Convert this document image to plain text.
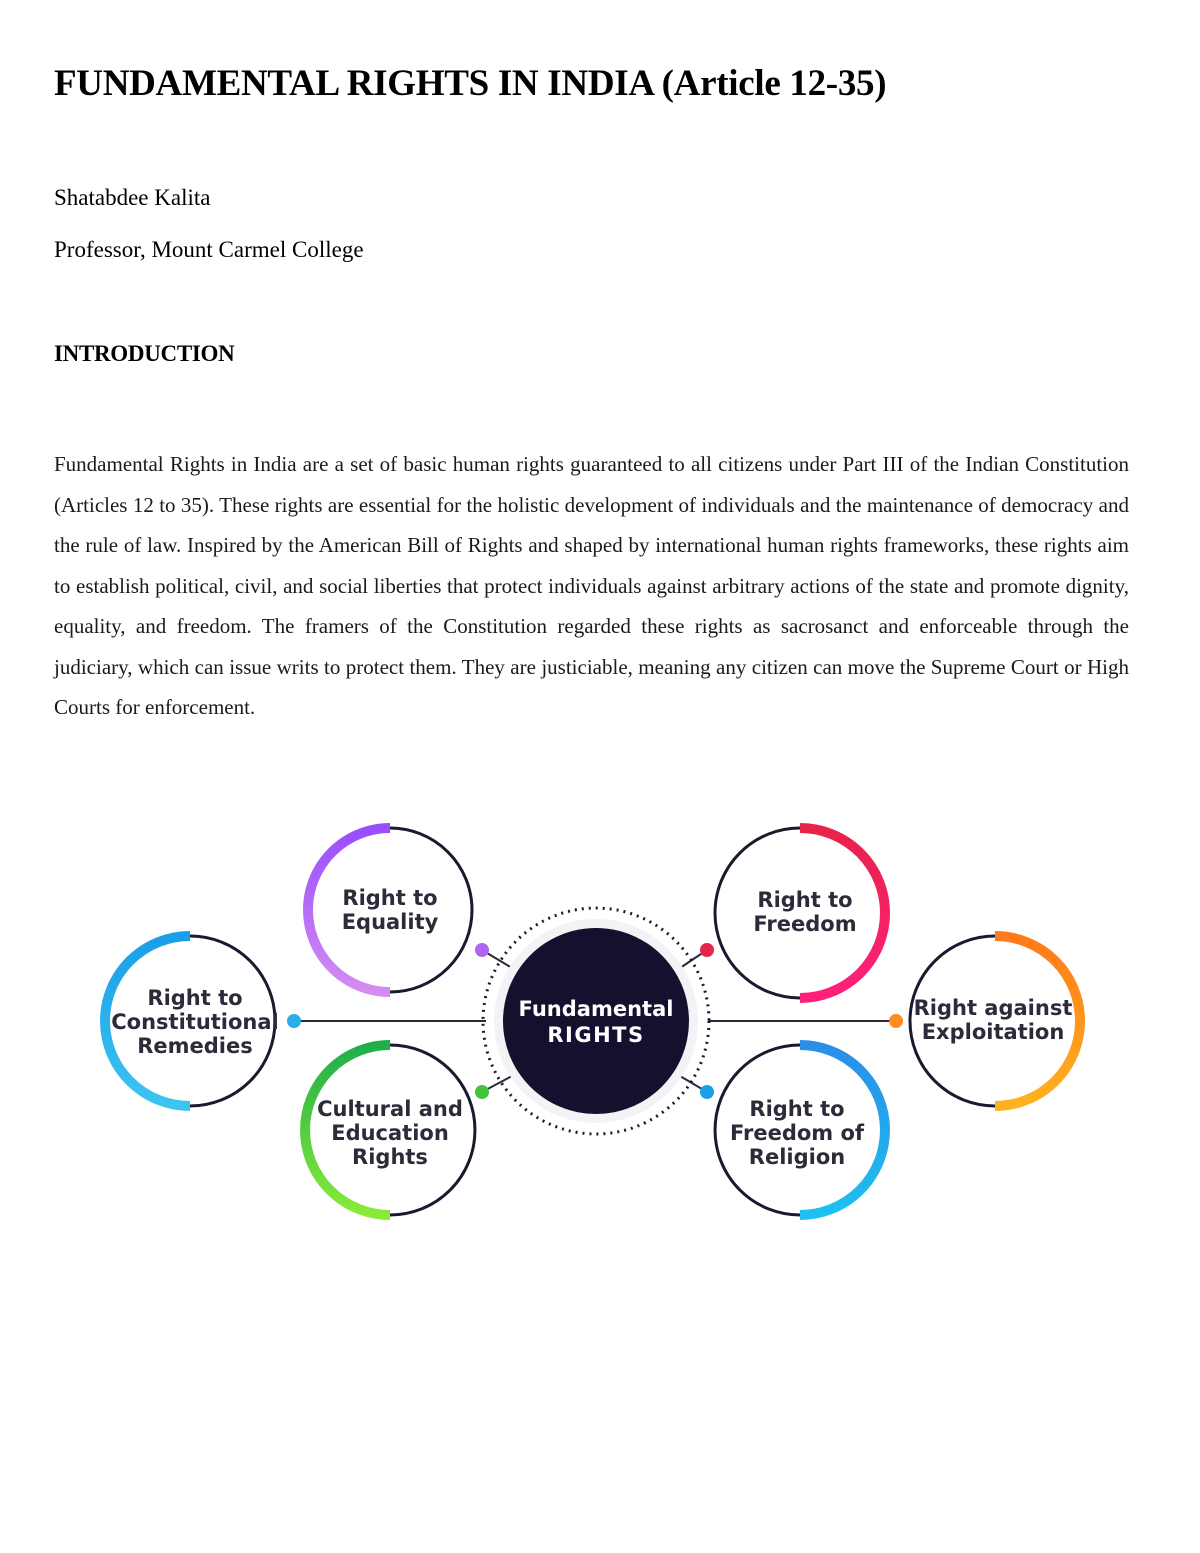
FUNDAMENTAL RIGHTS IN INDIA (Article 12-35)

Shatabdee Kalita

Professor, Mount Carmel College

INTRODUCTION

Fundamental Rights in India are a set of basic human rights guaranteed to all citizens under Part III of the Indian Constitution (Articles 12 to 35). These rights are essential for the holistic development of individuals and the maintenance of democracy and the rule of law. Inspired by the American Bill of Rights and shaped by international human rights frameworks, these rights aim to establish political, civil, and social liberties that protect individuals against arbitrary actions of the state and promote dignity, equality, and freedom. The framers of the Constitution regarded these rights as sacrosanct and enforceable through the judiciary, which can issue writs to protect them. They are justiciable, meaning any citizen can move the Supreme Court or High Courts for enforcement.

Fundamental
RIGHTS
Right to
Equality
Right to
Freedom
Right to
Constitutional
Remedies
Right against
Exploitation
Cultural and
Education
Rights
Right to
Freedom of
Religion
